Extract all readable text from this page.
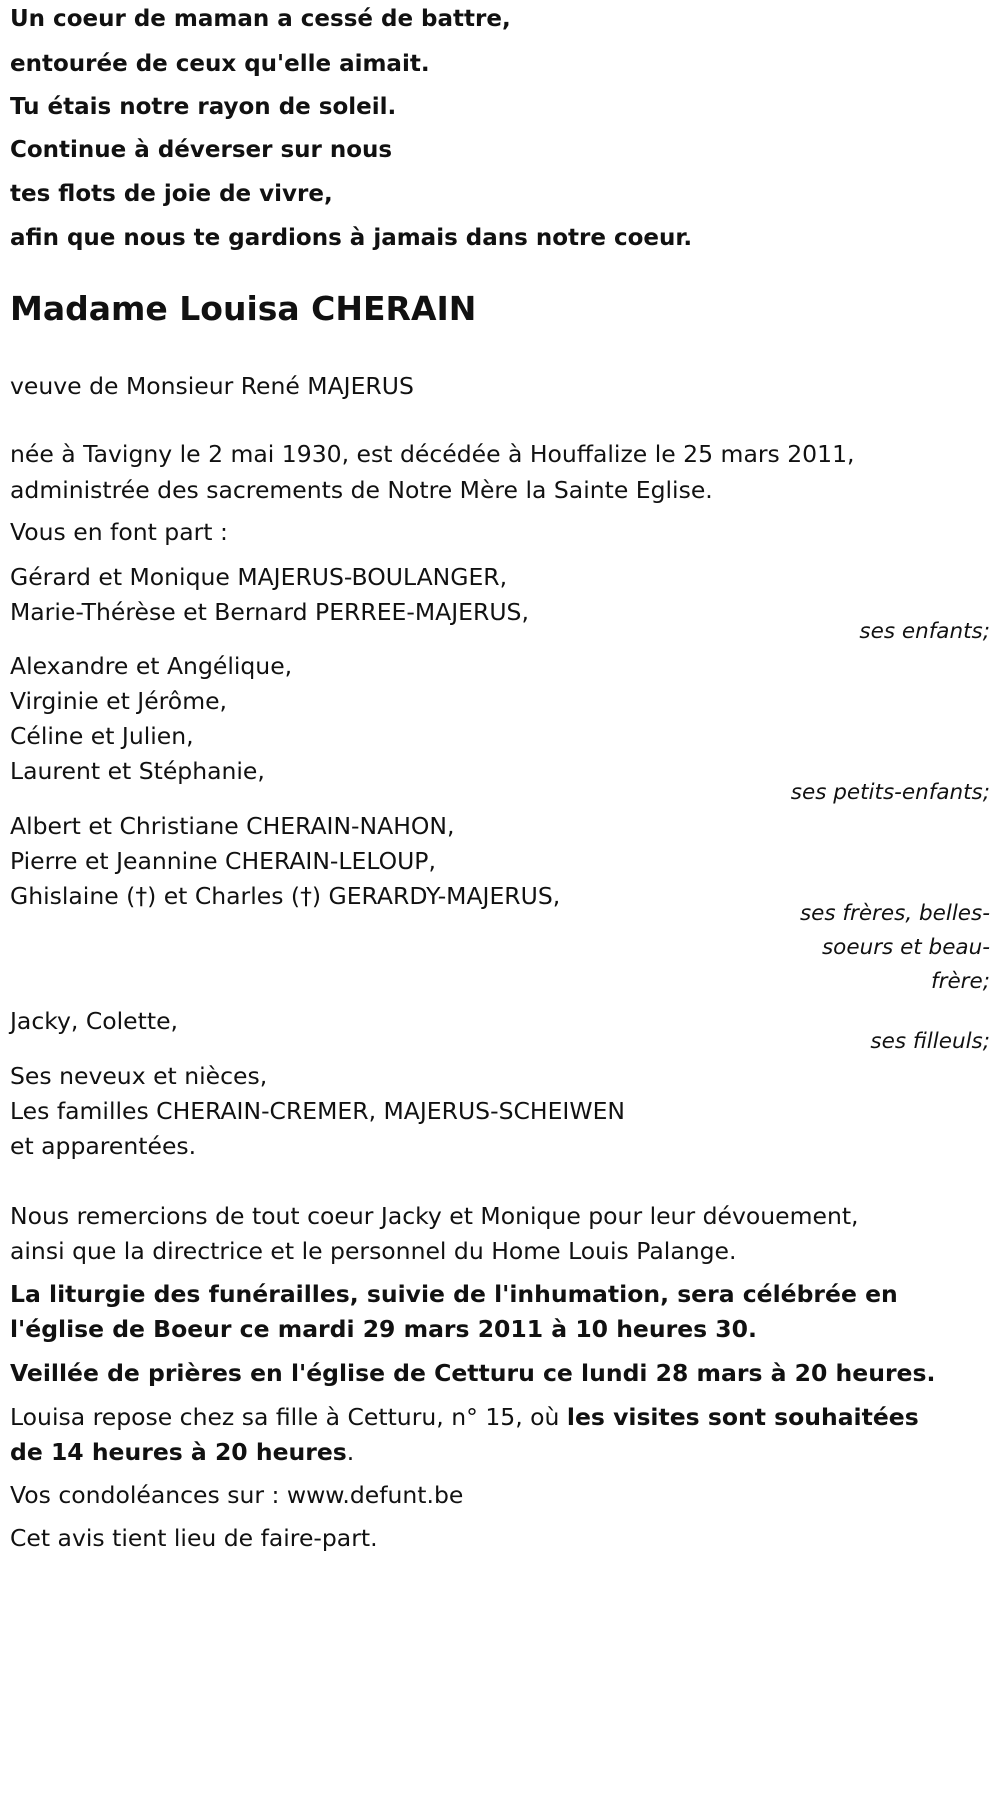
Un coeur de maman a cessé de battre,
entourée de ceux qu'elle aimait.
Tu étais notre rayon de soleil.
Continue à déverser sur nous
tes flots de joie de vivre,
afin que nous te gardions à jamais dans notre coeur.
Madame Louisa CHERAIN
veuve de Monsieur René MAJERUS
née à Tavigny le 2 mai 1930, est décédée à Houffalize le 25 mars 2011,
administrée des sacrements de Notre Mère la Sainte Eglise.
Vous en font part :
Gérard et Monique MAJERUS-BOULANGER,
Marie-Thérèse et Bernard PERREE-MAJERUS,
ses enfants;
Alexandre et Angélique,
Virginie et Jérôme,
Céline et Julien,
Laurent et Stéphanie,
ses petits-enfants;
Albert et Christiane CHERAIN-NAHON,
Pierre et Jeannine CHERAIN-LELOUP,
Ghislaine (†) et Charles (†) GERARDY-MAJERUS,
ses frères, belles-soeurs et beau-frère;
Jacky, Colette,
ses filleuls;
Ses neveux et nièces,
Les familles CHERAIN-CREMER, MAJERUS-SCHEIWEN
et apparentées.
Nous remercions de tout coeur Jacky et Monique pour leur dévouement,
ainsi que la directrice et le personnel du Home Louis Palange.
La liturgie des funérailles, suivie de l'inhumation, sera célébrée en
l'église de Boeur ce mardi 29 mars 2011 à 10 heures 30.
Veillée de prières en l'église de Cetturu ce lundi 28 mars à 20 heures.
Louisa repose chez sa fille à Cetturu, n° 15, où les visites sont souhaitées
de 14 heures à 20 heures.
Vos condoléances sur : www.defunt.be
Cet avis tient lieu de faire-part.
